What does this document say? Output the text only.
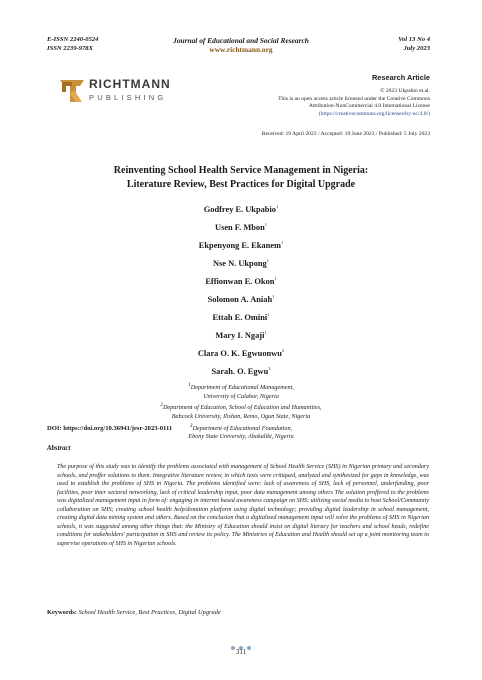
E-ISSN 2240-0524
ISSN 2239-978X
Journal of Educational and Social Research
www.richtmann.org
Vol 13 No 4
July 2023
RICHTMANN
PUBLISHING
Research Article
© 2023 Ukpabio et.al.
This is an open access article licensed under the Creative Commons
Attribution-NonCommercial 4.0 International License
(https://creativecommons.org/licenses/by-nc/4.0/)
Received: 19 April 2023 / Accepted: 19 June 2023 / Published: 5 July 2023
Reinventing School Health Service Management in Nigeria:
Literature Review, Best Practices for Digital Upgrade
Godfrey E. Ukpabio$^1$
Usen F. Mbon$^1$
Ekpenyong E. Ekanem$^1$
Nse N. Ukpong$^1$
Effionwan E. Okon$^1$
Solomon A. Aniah$^1$
Ettah E. Omini$^1$
Mary I. Ngaji$^1$
Clara O. K. Egwuonwu$^2$
Sarah. O. Egwu$^3$
$^1$Department of Educational Management,
University of Calabar, Nigeria
$^2$Department of Education, School of Education and Humanities,
Babcock University, Ilishan, Remo, Ogun State, Nigeria
$^3$Department of Educational Foundation,
Ebony State University, Abakaliki, Nigeria
DOI: https://doi.org/10.36941/jesr-2023-0111
Abstract
The purpose of this study was to identify the problems associated with management of School Health Service (SHS) in Nigerian primary and secondary schools, and proffer solutions to them. Integrative literature review, in which texts were critiqued, analyzed and synthesized for gaps in knowledge, was used to establish the problems of SHS in Nigeria. The problems identified were: lack of awareness of SHS, lack of personnel, underfunding, poor facilities, poor inter sectoral networking, lack of critical leadership input, poor data management among others The solution proffered to the problems was digitalized management input in form of: engaging in internet based awareness campaign on SHS; utilizing social media to host School/Community collaboration on SHS; creating school health help/donation platform using digital technology; providing digital leadership in school management, creating digital data mining system and others. Based on the conclusion that a digitalized management input will solve the problems of SHS in Nigerian schools, it was suggested among other things that: the Ministry of Education should insist on digital literacy for teachers and school heads, redefine conditions for stakeholders' participation in SHS and review its policy. The Ministries of Education and Health should set up a joint monitoring team to supervise operations of SHS in Nigerian schools.
Keywords: School Health Service, Best Practices, Digital Upgrade
311
